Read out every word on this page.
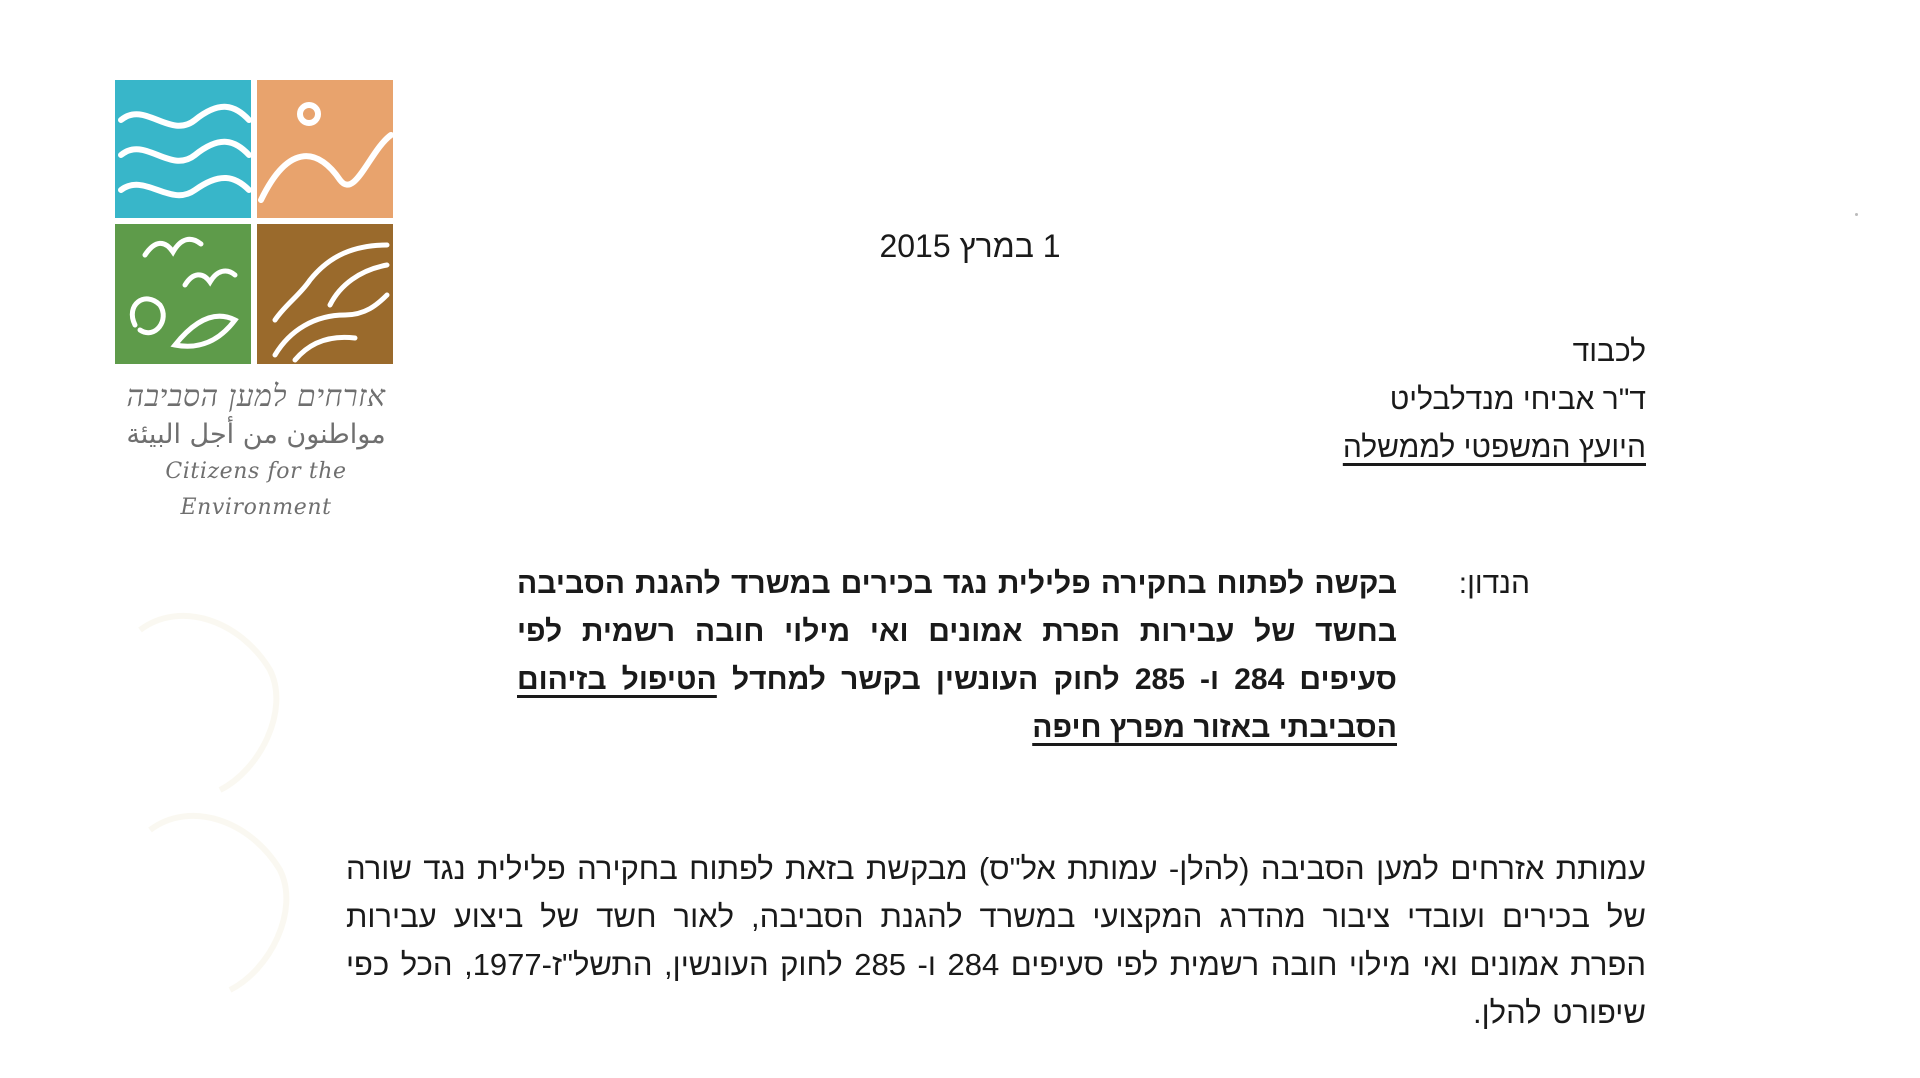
אזרחים למען הסביבה
مواطنون من أجل البيئة
Citizens for the Environment
1 במרץ 2015
לכבוד
ד"ר אביחי מנדלבליט
היועץ המשפטי לממשלה
הנדון:
בקשה לפתוח בחקירה פלילית נגד בכירים במשרד להגנת הסביבה בחשד של עבירות הפרת אמונים ואי מילוי חובה רשמית לפי סעיפים 284 ו- 285 לחוק העונשין בקשר למחדל הטיפול בזיהום הסביבתי באזור מפרץ חיפה
עמותת אזרחים למען הסביבה (להלן- עמותת אל"ס) מבקשת בזאת לפתוח בחקירה פלילית נגד שורה של בכירים ועובדי ציבור מהדרג המקצועי במשרד להגנת הסביבה, לאור חשד של ביצוע עבירות הפרת אמונים ואי מילוי חובה רשמית לפי סעיפים 284 ו- 285 לחוק העונשין, התשל"ז-1977, הכל כפי שיפורט להלן.
